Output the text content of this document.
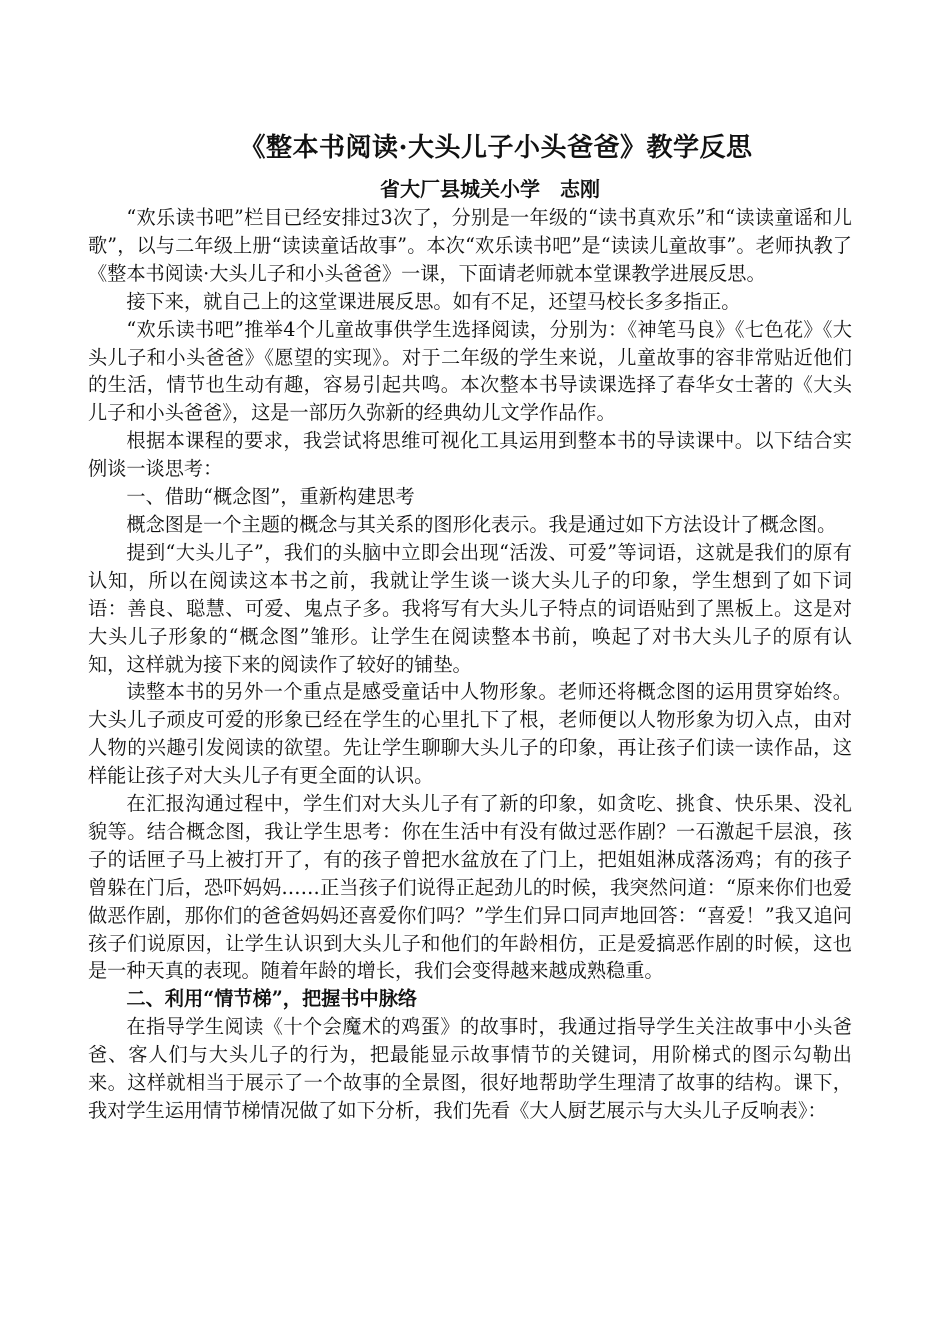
《整本书阅读·大头儿子小头爸爸》教学反思
省大厂县城关小学　志刚

“欢乐读书吧”栏目已经安排过3次了，分别是一年级的“读书真欢乐”和“读读童谣和儿歌”，以与二年级上册“读读童话故事”。本次“欢乐读书吧”是“读读儿童故事”。老师执教了《整本书阅读·大头儿子和小头爸爸》一课，下面请老师就本堂课教学进展反思。

接下来，就自己上的这堂课进展反思。如有不足，还望马校长多多指正。

“欢乐读书吧”推举4个儿童故事供学生选择阅读，分别为：《神笔马良》《七色花》《大头儿子和小头爸爸》《愿望的实现》。对于二年级的学生来说，儿童故事的容非常贴近他们的生活，情节也生动有趣，容易引起共鸣。本次整本书导读课选择了春华女士著的《大头儿子和小头爸爸》，这是一部历久弥新的经典幼儿文学作品作。

根据本课程的要求，我尝试将思维可视化工具运用到整本书的导读课中。以下结合实例谈一谈思考：

一、借助“概念图”，重新构建思考

概念图是一个主题的概念与其关系的图形化表示。我是通过如下方法设计了概念图。

提到“大头儿子”，我们的头脑中立即会出现“活泼、可爱”等词语，这就是我们的原有认知，所以在阅读这本书之前，我就让学生谈一谈大头儿子的印象，学生想到了如下词语：善良、聪慧、可爱、鬼点子多。我将写有大头儿子特点的词语贴到了黑板上。这是对大头儿子形象的“概念图”雏形。让学生在阅读整本书前，唤起了对书大头儿子的原有认知，这样就为接下来的阅读作了较好的铺垫。

读整本书的另外一个重点是感受童话中人物形象。老师还将概念图的运用贯穿始终。大头儿子顽皮可爱的形象已经在学生的心里扎下了根，老师便以人物形象为切入点，由对人物的兴趣引发阅读的欲望。先让学生聊聊大头儿子的印象，再让孩子们读一读作品，这样能让孩子对大头儿子有更全面的认识。

在汇报沟通过程中，学生们对大头儿子有了新的印象，如贪吃、挑食、快乐果、没礼貌等。结合概念图，我让学生思考：你在生活中有没有做过恶作剧？一石激起千层浪，孩子的话匣子马上被打开了，有的孩子曾把水盆放在了门上，把姐姐淋成落汤鸡；有的孩子曾躲在门后，恐吓妈妈……正当孩子们说得正起劲儿的时候，我突然问道：“原来你们也爱做恶作剧，那你们的爸爸妈妈还喜爱你们吗？”学生们异口同声地回答：“喜爱！”我又追问孩子们说原因，让学生认识到大头儿子和他们的年龄相仿，正是爱搞恶作剧的时候，这也是一种天真的表现。随着年龄的增长，我们会变得越来越成熟稳重。

二、利用“情节梯”，把握书中脉络

在指导学生阅读《十个会魔术的鸡蛋》的故事时，我通过指导学生关注故事中小头爸爸、客人们与大头儿子的行为，把最能显示故事情节的关键词，用阶梯式的图示勾勒出来。这样就相当于展示了一个故事的全景图，很好地帮助学生理清了故事的结构。课下，我对学生运用情节梯情况做了如下分析，我们先看《大人厨艺展示与大头儿子反响表》：
